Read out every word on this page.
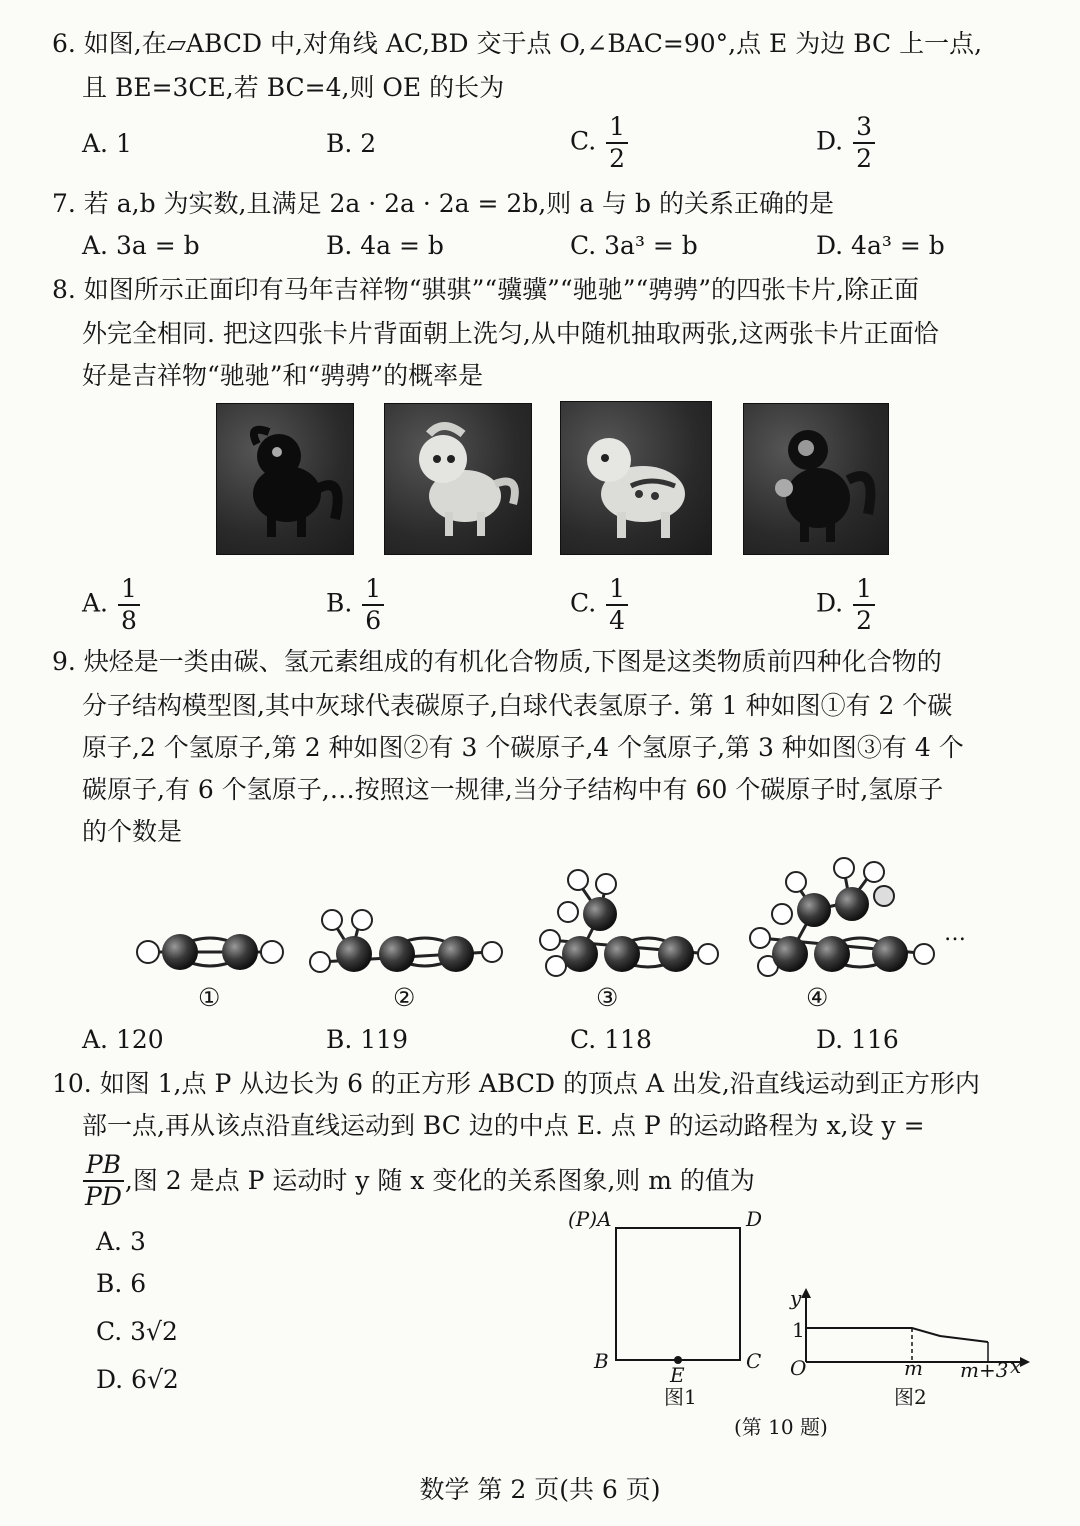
6. 如图,在▱ABCD 中,对角线 AC,BD 交于点 O,∠BAC=90°,点 E 为边 BC 上一点,
且 BE=3CE,若 BC=4,则 OE 的长为
A. 1	B. 2	C. $\frac{1}{2}$	D. $\frac{3}{2}$
7. 若 a,b 为实数,且满足 2a · 2a · 2a = 2b,则 a 与 b 的关系正确的是
A. 3a = b	B. 4a = b	C. 3a³ = b	D. 4a³ = b
8. 如图所示正面印有马年吉祥物“骐骐”“骥骥”“驰驰”“骋骋”的四张卡片,除正面
外完全相同. 把这四张卡片背面朝上洗匀,从中随机抽取两张,这两张卡片正面恰
好是吉祥物“驰驰”和“骋骋”的概率是
A. $\frac{1}{8}$	B. $\frac{1}{6}$	C. $\frac{1}{4}$	D. $\frac{1}{2}$
9. 炔烃是一类由碳、氢元素组成的有机化合物质,下图是这类物质前四种化合物的
分子结构模型图,其中灰球代表碳原子,白球代表氢原子. 第 1 种如图①有 2 个碳
原子,2 个氢原子,第 2 种如图②有 3 个碳原子,4 个氢原子,第 3 种如图③有 4 个
碳原子,有 6 个氢原子,…按照这一规律,当分子结构中有 60 个碳原子时,氢原子
的个数是
…
①	②	③	④
A. 120	B. 119	C. 118	D. 116
10. 如图 1,点 P 从边长为 6 的正方形 ABCD 的顶点 A 出发,沿直线运动到正方形内
部一点,再从该点沿直线运动到 BC 边的中点 E. 点 P 的运动路程为 x,设 y =
$\frac{PB}{PD}$ ,图 2 是点 P 运动时 y 随 x 变化的关系图象,则 m 的值为
A. 3
B. 6
C. 3√2
D. 6√2
(P)A	D
B	C
E
图1
y
1
O	m m+3 x
图2
(第 10 题)
数学 第 2 页(共 6 页)
